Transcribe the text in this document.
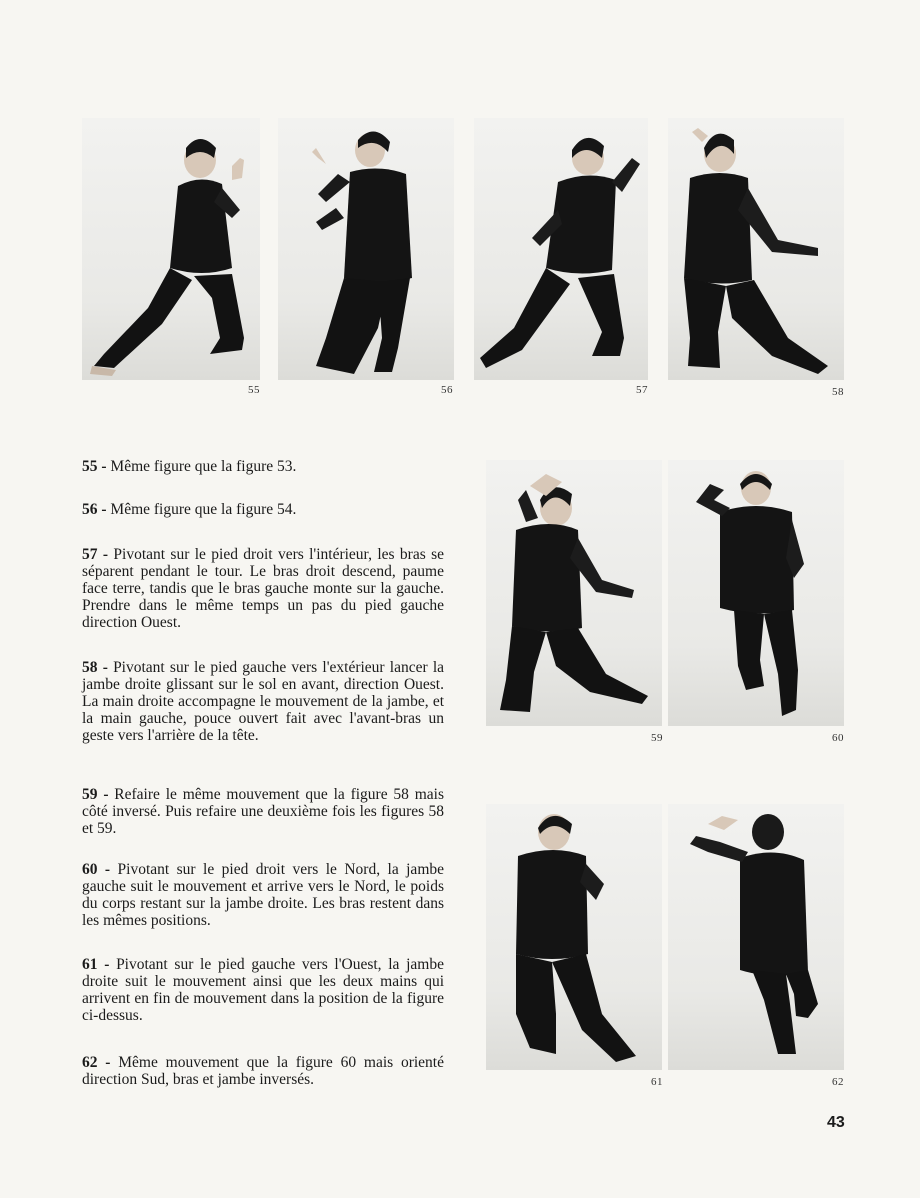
55	56	57	58
59	60
61	62

55 - Même figure que la figure 53.

56 - Même figure que la figure 54.

57 - Pivotant sur le pied droit vers l'intérieur, les bras se séparent pendant le tour. Le bras droit descend, paume face terre, tandis que le bras gauche monte sur la gauche. Prendre dans le même temps un pas du pied gauche direction Ouest.

58 - Pivotant sur le pied gauche vers l'extérieur lancer la jambe droite glissant sur le sol en avant, direction Ouest. La main droite accompagne le mouvement de la jambe, et la main gauche, pouce ouvert fait avec l'avant-bras un geste vers l'arrière de la tête.

59 - Refaire le même mouvement que la figure 58 mais côté inversé. Puis refaire une deuxième fois les figures 58 et 59.

60 - Pivotant sur le pied droit vers le Nord, la jambe gauche suit le mouvement et arrive vers le Nord, le poids du corps restant sur la jambe droite. Les bras restent dans les mêmes positions.

61 - Pivotant sur le pied gauche vers l'Ouest, la jambe droite suit le mouvement ainsi que les deux mains qui arrivent en fin de mouvement dans la position de la figure ci-dessus.

62 - Même mouvement que la figure 60 mais orienté direction Sud, bras et jambe inversés.

43
